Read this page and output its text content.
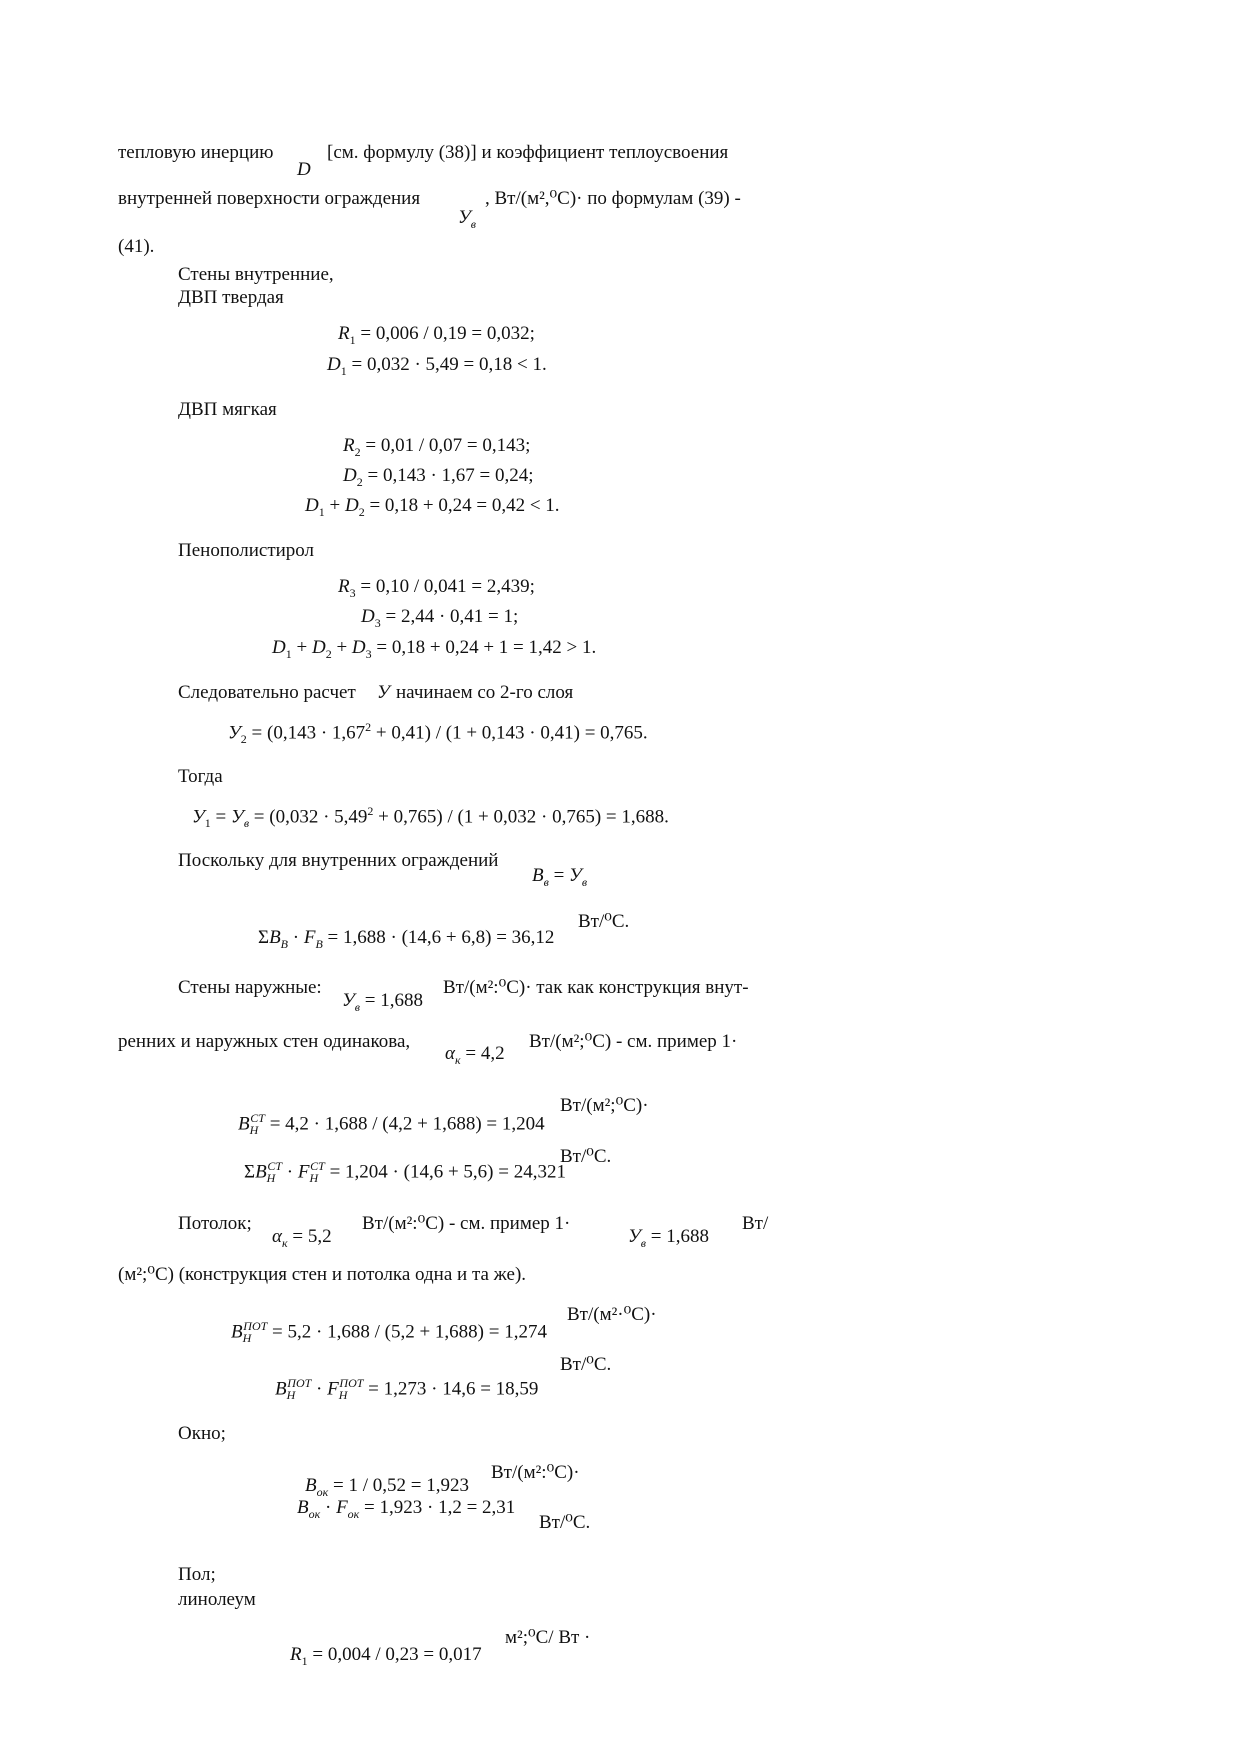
тепловую инерцию	[см. формулу (38)] и коэффициент теплоусвоения
внутренней поверхности ограждения	, Вт/(м²,⁰С)· по формулам (39) -
(41).
Стены внутренние,
ДВП твердая
ДВП мягкая
Пенополистирол
Следовательно расчет начинаем со 2-го слоя
Тогда
Поскольку для внутренних ограждений
Вт/⁰С.
Стены наружные:	Вт/(м²:⁰С)· так как конструкция внут-
ренних и наружных стен одинакова,	Вт/(м²;⁰С) - см. пример 1·
Вт/(м²;⁰С)·
Вт/⁰С.
Потолок;	Вт/(м²:⁰С) - см. пример 1·	Вт/
(м²;⁰С) (конструкция стен и потолка одна и та же).
Вт/(м²·⁰С)·
Вт/⁰С.
Окно;
Вт/(м²:⁰С)·
Вт/⁰С.
Пол;
линолеум
м²;⁰С/ Вт ·
D
$У_в$
$R_1 = 0,006 / 0,19 = 0,032$;
$D_1 = 0,032 \cdot 5,49 = 0,18 < 1$.
$R_2 = 0,01 / 0,07 = 0,143$;
$D_2 = 0,143 \cdot 1,67 = 0,24$;
$D_1 + D_2 = 0,18 + 0,24 = 0,42 < 1$.
$R_3 = 0,10 / 0,041 = 2,439$;
$D_3 = 2,44 \cdot 0,41 = 1$;
$D_1 + D_2 + D_3 = 0,18 + 0,24 + 1 = 1,42 > 1$.
У
$У_2 = (0,143 \cdot 1,67^2 + 0,41) / (1 + 0,143 \cdot 0,41) = 0,765$.
$У_1 = У_в = (0,032 \cdot 5,49^2 + 0,765) / (1 + 0,032 \cdot 0,765) = 1,688$.
$В_в = У_в$
$\Sigma В_В \cdot F_В = 1,688 \cdot (14,6 + 6,8) = 36,12$
$У_в = 1,688$
$\alpha_к = 4,2$
$В_Н^{СТ} = 4,2 \cdot 1,688 / (4,2 + 1,688) = 1,204$
$\Sigma В_Н^{СТ} \cdot F_Н^{СТ} = 1,204 \cdot (14,6 + 5,6) = 24,321$
$\alpha_к = 5,2$	$У_в = 1,688$
$В_Н^{ПОТ} = 5,2 \cdot 1,688 / (5,2 + 1,688) = 1,274$
$В_Н^{ПОТ} \cdot F_Н^{ПОТ} = 1,273 \cdot 14,6 = 18,59$
$В_{ок} = 1 / 0,52 = 1,923$
$В_{ок} \cdot F_{ок} = 1,923 \cdot 1,2 = 2,31$
$R_1 = 0,004 / 0,23 = 0,017$
